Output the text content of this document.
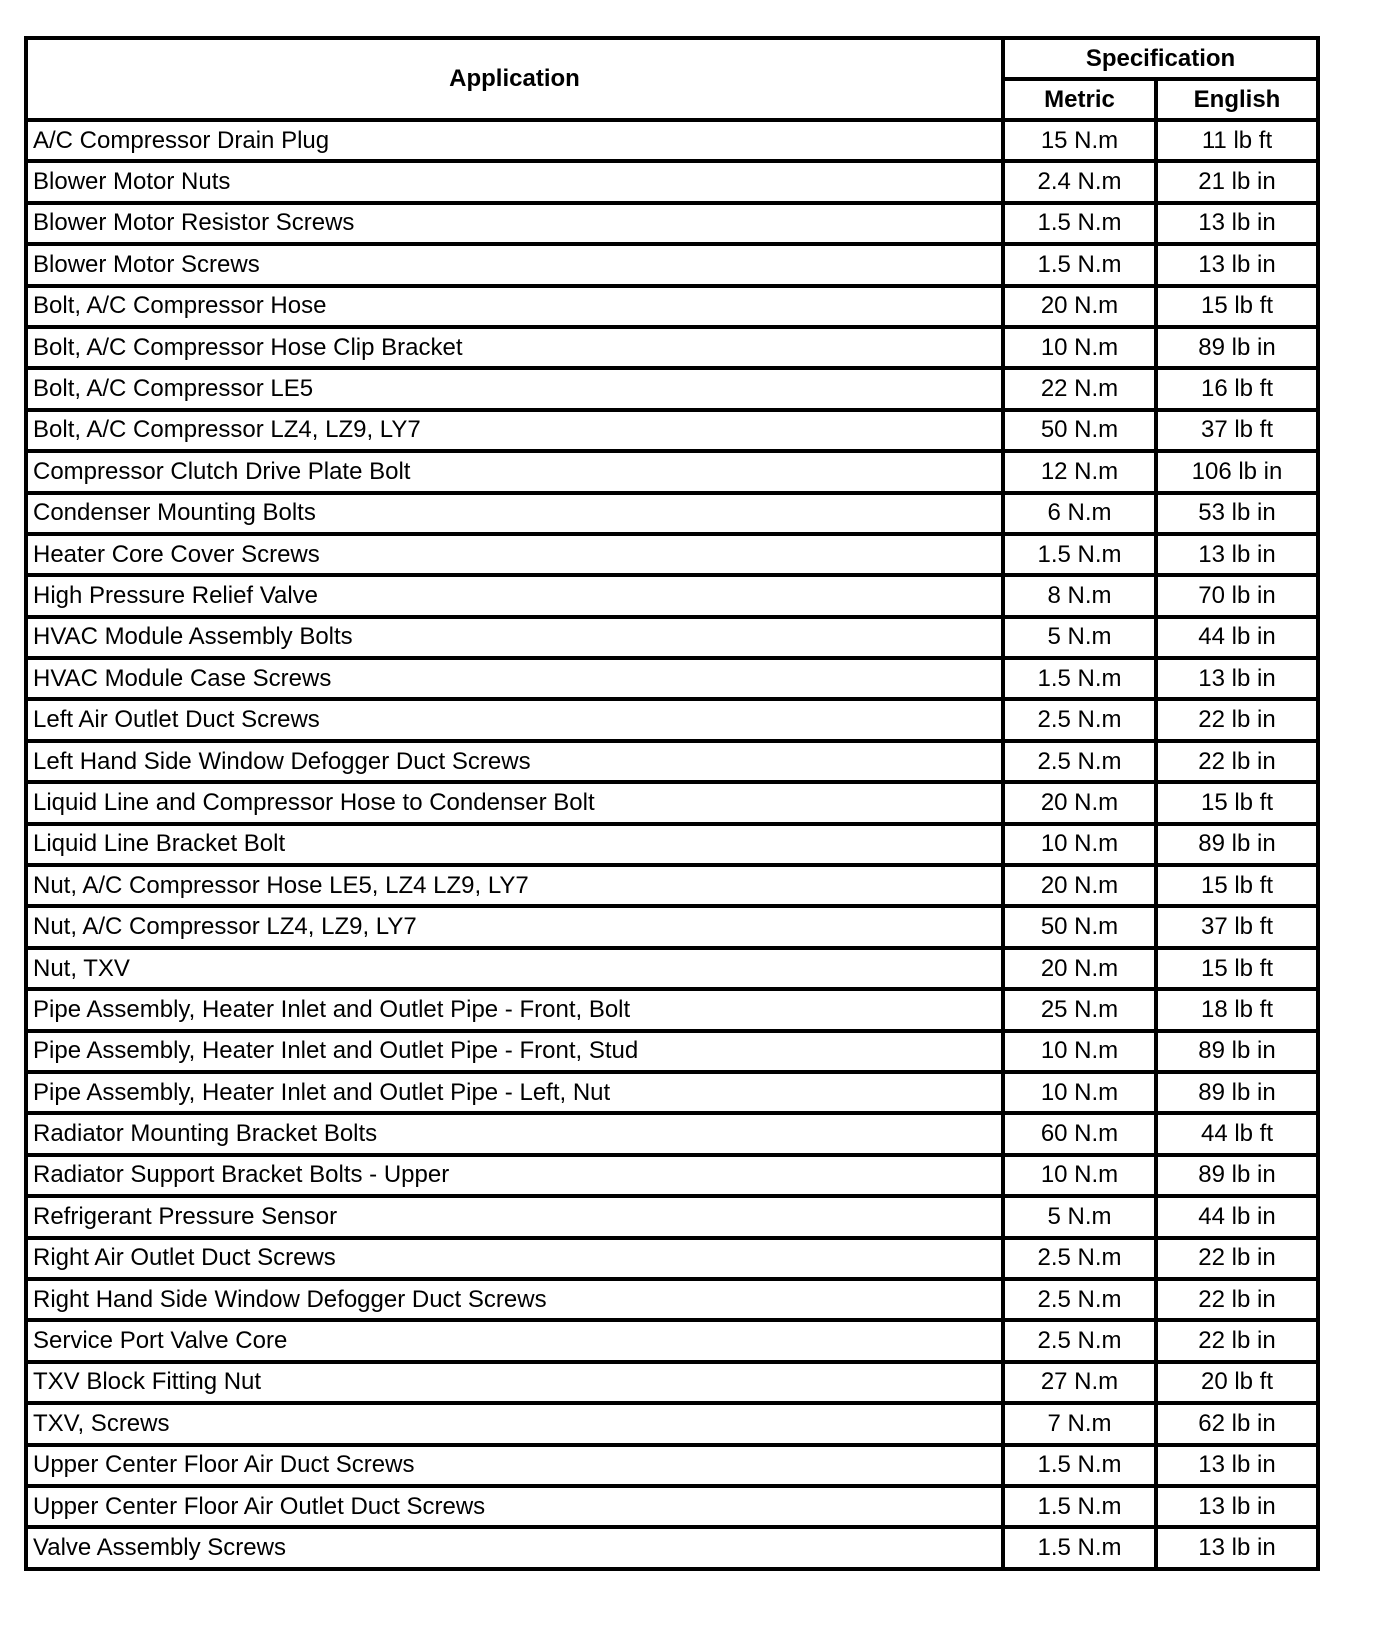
Application	Specification	
	Metric	English
A/C Compressor Drain Plug	15 N.m	11 lb ft
Blower Motor Nuts	2.4 N.m	21 lb in
Blower Motor Resistor Screws	1.5 N.m	13 lb in
Blower Motor Screws	1.5 N.m	13 lb in
Bolt, A/C Compressor Hose	20 N.m	15 lb ft
Bolt, A/C Compressor Hose Clip Bracket	10 N.m	89 lb in
Bolt, A/C Compressor LE5	22 N.m	16 lb ft
Bolt, A/C Compressor LZ4, LZ9, LY7	50 N.m	37 lb ft
Compressor Clutch Drive Plate Bolt	12 N.m	106 lb in
Condenser Mounting Bolts	6 N.m	53 lb in
Heater Core Cover Screws	1.5 N.m	13 lb in
High Pressure Relief Valve	8 N.m	70 lb in
HVAC Module Assembly Bolts	5 N.m	44 lb in
HVAC Module Case Screws	1.5 N.m	13 lb in
Left Air Outlet Duct Screws	2.5 N.m	22 lb in
Left Hand Side Window Defogger Duct Screws	2.5 N.m	22 lb in
Liquid Line and Compressor Hose to Condenser Bolt	20 N.m	15 lb ft
Liquid Line Bracket Bolt	10 N.m	89 lb in
Nut, A/C Compressor Hose LE5, LZ4 LZ9, LY7	20 N.m	15 lb ft
Nut, A/C Compressor LZ4, LZ9, LY7	50 N.m	37 lb ft
Nut, TXV	20 N.m	15 lb ft
Pipe Assembly, Heater Inlet and Outlet Pipe - Front, Bolt	25 N.m	18 lb ft
Pipe Assembly, Heater Inlet and Outlet Pipe - Front, Stud	10 N.m	89 lb in
Pipe Assembly, Heater Inlet and Outlet Pipe - Left, Nut	10 N.m	89 lb in
Radiator Mounting Bracket Bolts	60 N.m	44 lb ft
Radiator Support Bracket Bolts - Upper	10 N.m	89 lb in
Refrigerant Pressure Sensor	5 N.m	44 lb in
Right Air Outlet Duct Screws	2.5 N.m	22 lb in
Right Hand Side Window Defogger Duct Screws	2.5 N.m	22 lb in
Service Port Valve Core	2.5 N.m	22 lb in
TXV Block Fitting Nut	27 N.m	20 lb ft
TXV, Screws	7 N.m	62 lb in
Upper Center Floor Air Duct Screws	1.5 N.m	13 lb in
Upper Center Floor Air Outlet Duct Screws	1.5 N.m	13 lb in
Valve Assembly Screws	1.5 N.m	13 lb in
